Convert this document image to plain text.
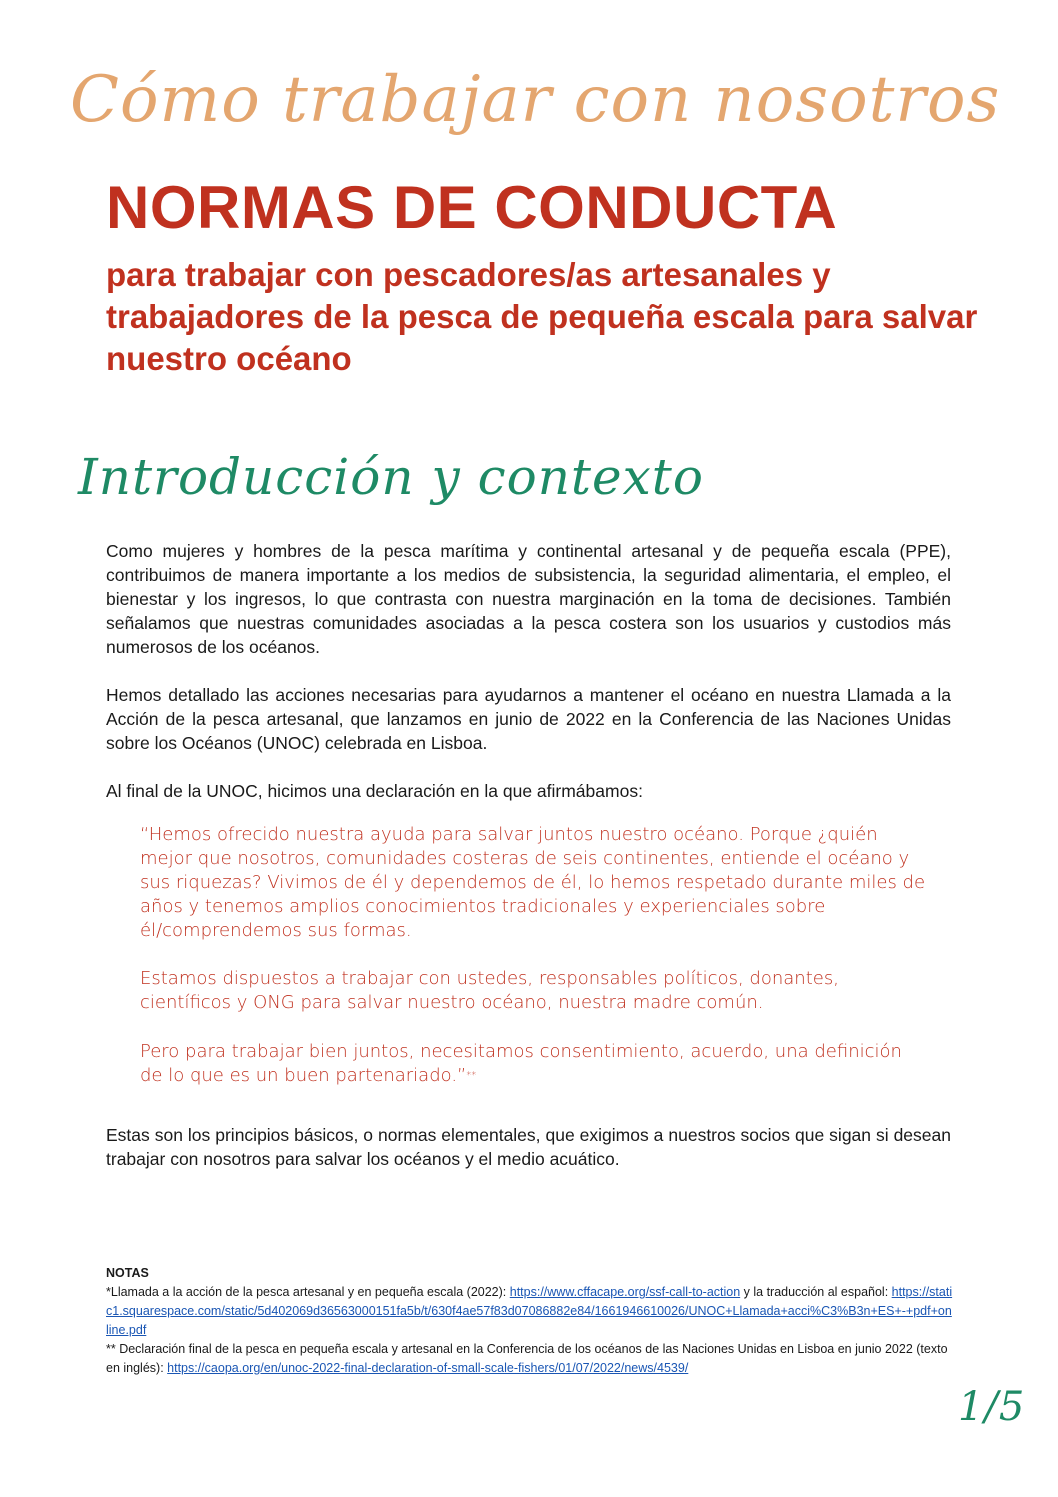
Cómo trabajar con nosotros
NORMAS DE CONDUCTA
para trabajar con pescadores/as artesanales y trabajadores de la pesca de pequeña escala para salvar nuestro océano
Introducción y contexto

Como mujeres y hombres de la pesca marítima y continental artesanal y de pequeña escala (PPE), contribuimos de manera importante a los medios de subsistencia, la seguridad alimentaria, el empleo, el bienestar y los ingresos, lo que contrasta con nuestra marginación en la toma de decisiones. También señalamos que nuestras comunidades asociadas a la pesca costera son los usuarios y custodios más numerosos de los océanos.

Hemos detallado las acciones necesarias para ayudarnos a mantener el océano en nuestra Llamada a la Acción de la pesca artesanal, que lanzamos en junio de 2022 en la Conferencia de las Naciones Unidas sobre los Océanos (UNOC) celebrada en Lisboa.

Al final de la UNOC, hicimos una declaración en la que afirmábamos:

“Hemos ofrecido nuestra ayuda para salvar juntos nuestro océano. Porque ¿quién mejor que nosotros, comunidades costeras de seis continentes, entiende el océano y sus riquezas? Vivimos de él y dependemos de él, lo hemos respetado durante miles de años y tenemos amplios conocimientos tradicionales y experienciales sobre él/comprendemos sus formas.

Estamos dispuestos a trabajar con ustedes, responsables políticos, donantes, científicos y ONG para salvar nuestro océano, nuestra madre común.

Pero para trabajar bien juntos, necesitamos consentimiento, acuerdo, una definición de lo que es un buen partenariado.”**

Estas son los principios básicos, o normas elementales, que exigimos a nuestros socios que sigan si desean trabajar con nosotros para salvar los océanos y el medio acuático.

NOTAS

*Llamada a la acción de la pesca artesanal y en pequeña escala (2022): https://www.cffacape.org/ssf-call-to-action y la traducción al español: https://static1.squarespace.com/static/5d402069d36563000151fa5b/t/630f4ae57f83d07086882e84/1661946610026/UNOC+Llamada+acci%C3%B3n+ES+-+pdf+online.pdf

** Declaración final de la pesca en pequeña escala y artesanal en la Conferencia de los océanos de las Naciones Unidas en Lisboa en junio 2022 (texto en inglés): https://caopa.org/en/unoc-2022-final-declaration-of-small-scale-fishers/01/07/2022/news/4539/

1/5
